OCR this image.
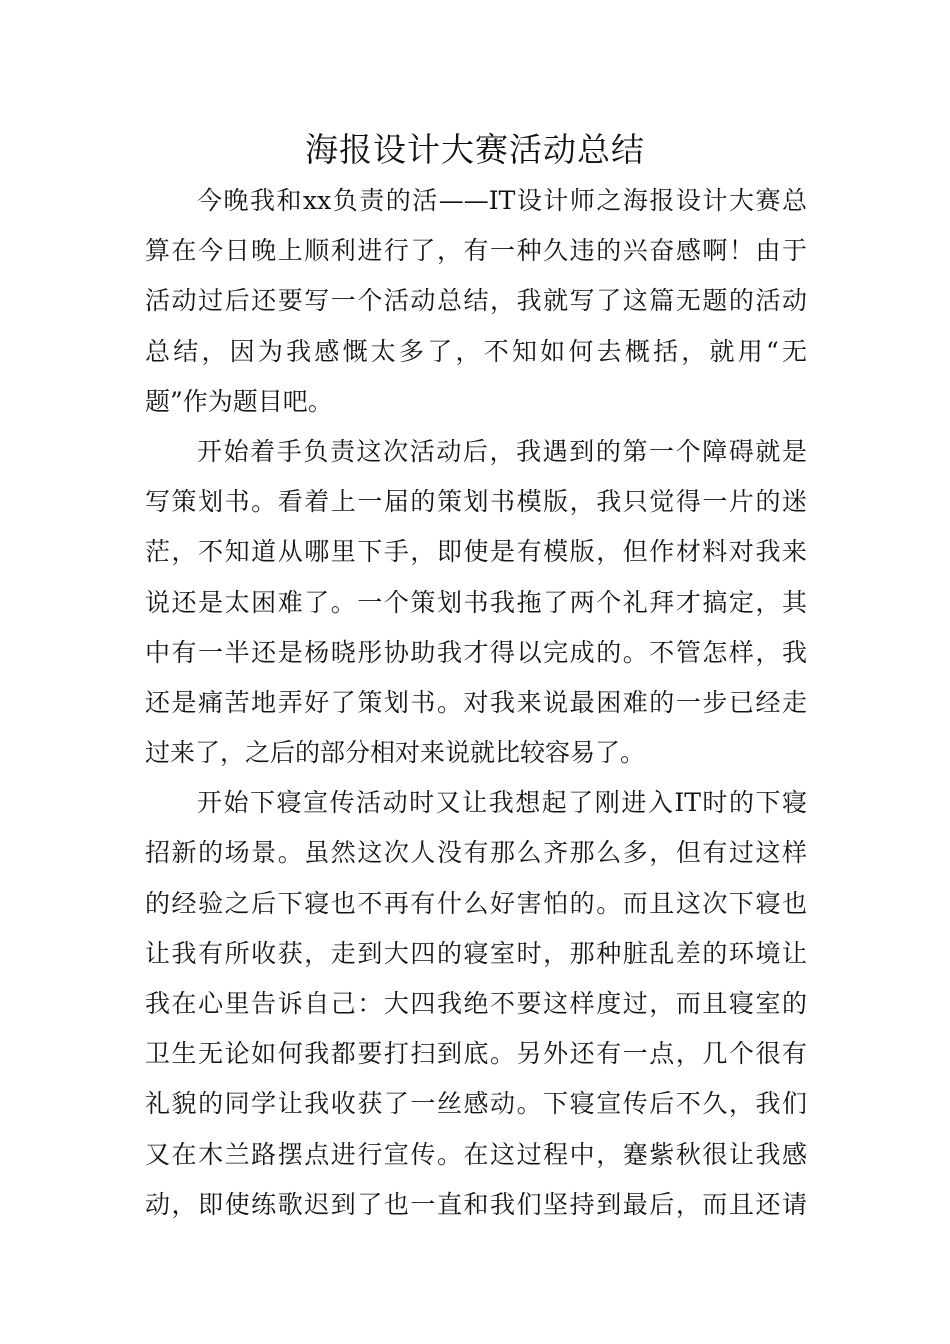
海报设计大赛活动总结
今晚我和xx负责的活——IT设计师之海报设计大赛总
算在今日晚上顺利进行了，有一种久违的兴奋感啊！由于
活动过后还要写一个活动总结，我就写了这篇无题的活动
总结，因为我感慨太多了，不知如何去概括，就用“无
题”作为题目吧。
开始着手负责这次活动后，我遇到的第一个障碍就是
写策划书。看着上一届的策划书模版，我只觉得一片的迷
茫，不知道从哪里下手，即使是有模版，但作材料对我来
说还是太困难了。一个策划书我拖了两个礼拜才搞定，其
中有一半还是杨晓彤协助我才得以完成的。不管怎样，我
还是痛苦地弄好了策划书。对我来说最困难的一步已经走
过来了，之后的部分相对来说就比较容易了。
开始下寝宣传活动时又让我想起了刚进入IT时的下寝
招新的场景。虽然这次人没有那么齐那么多，但有过这样
的经验之后下寝也不再有什么好害怕的。而且这次下寝也
让我有所收获，走到大四的寝室时，那种脏乱差的环境让
我在心里告诉自己：大四我绝不要这样度过，而且寝室的
卫生无论如何我都要打扫到底。另外还有一点，几个很有
礼貌的同学让我收获了一丝感动。下寝宣传后不久，我们
又在木兰路摆点进行宣传。在这过程中，蹇紫秋很让我感
动，即使练歌迟到了也一直和我们坚持到最后，而且还请
